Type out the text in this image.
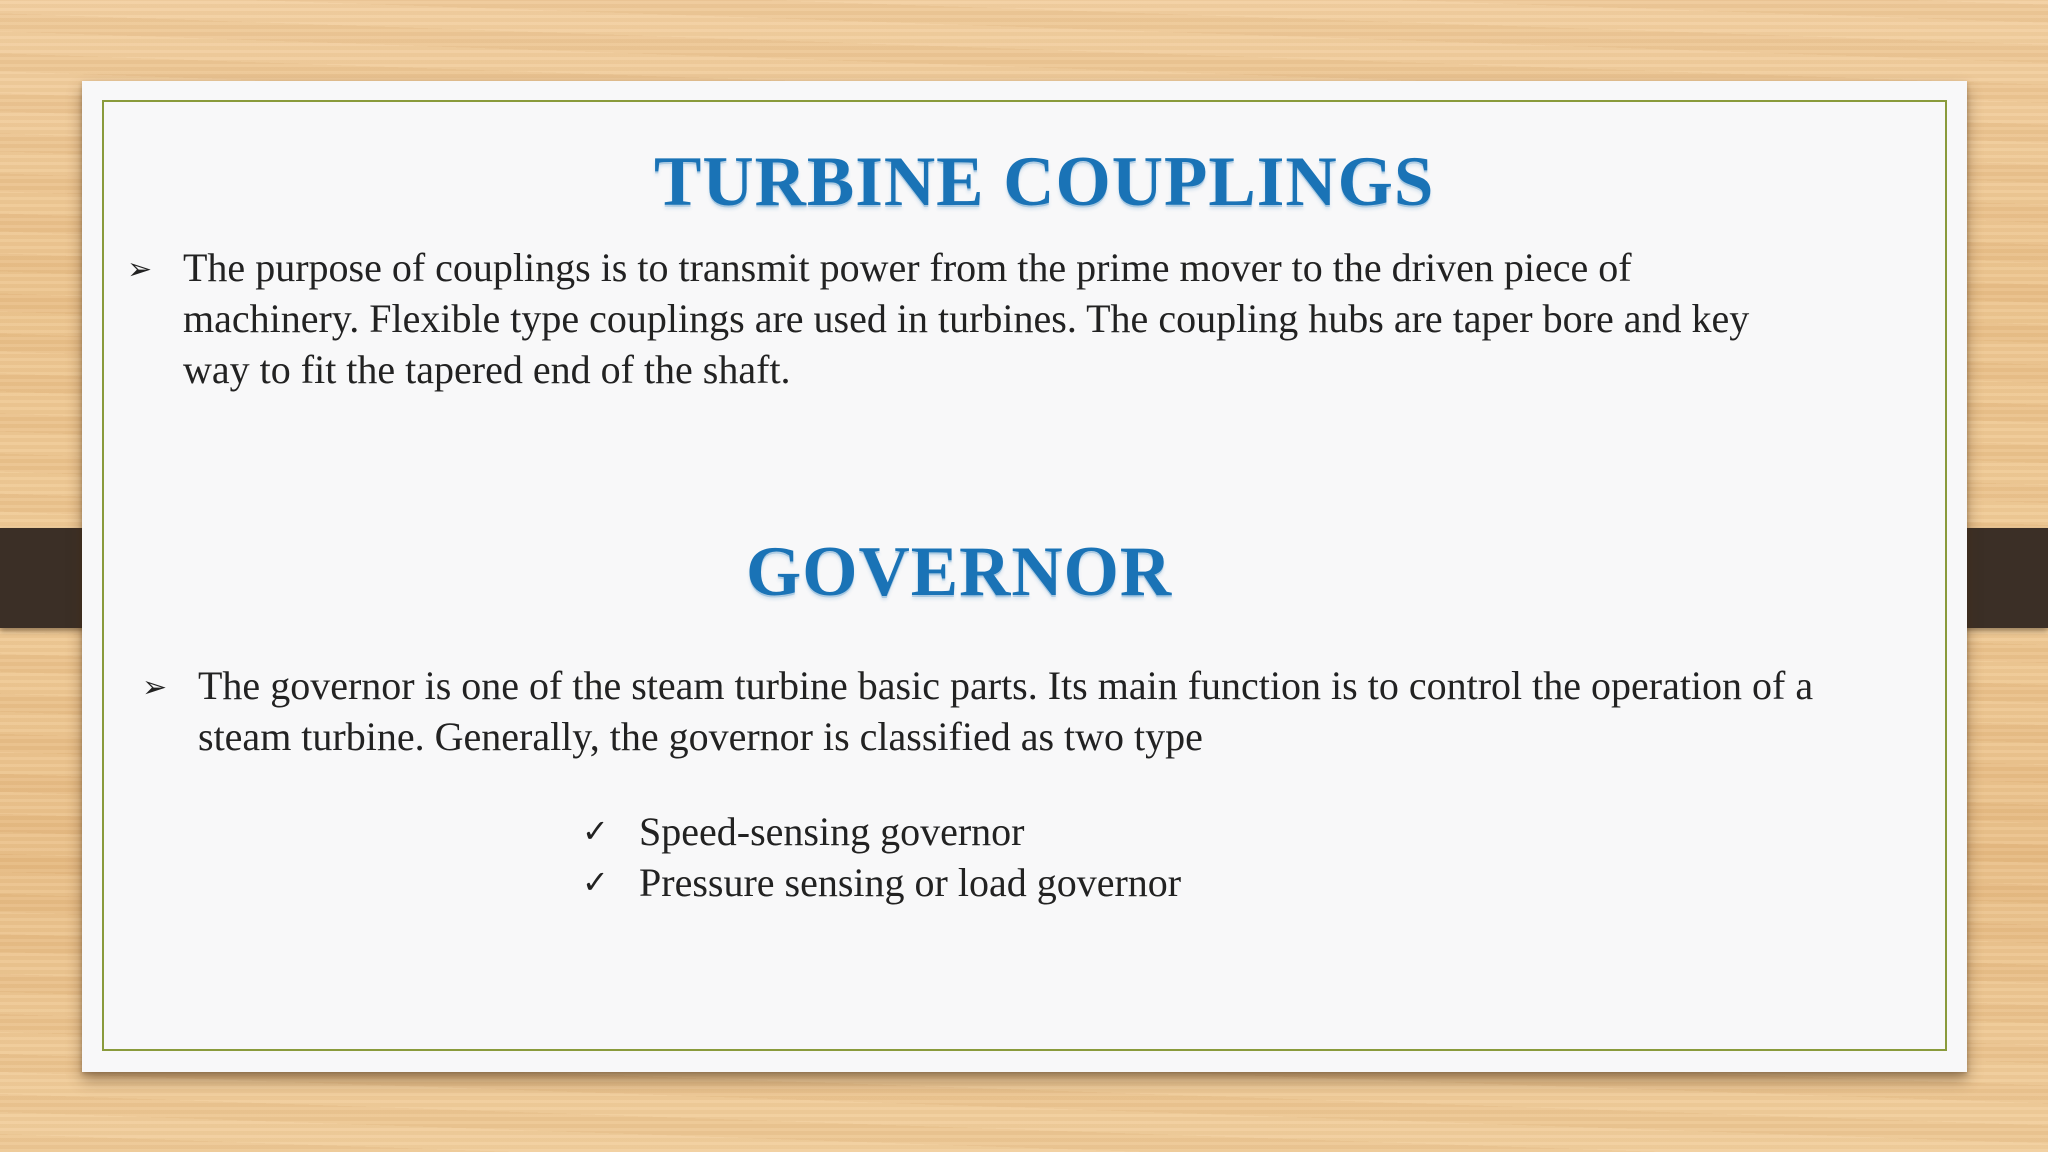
TURBINE COUPLINGS
➢ The purpose of couplings is to transmit power from the prime mover to the driven piece of machinery. Flexible type couplings are used in turbines. The coupling hubs are taper bore and key way to fit the tapered end of the shaft.

GOVERNOR
➢ The governor is one of the steam turbine basic parts. Its main function is to control the operation of a steam turbine. Generally, the governor is classified as two type

✓ Speed-sensing governor
✓ Pressure sensing or load governor
